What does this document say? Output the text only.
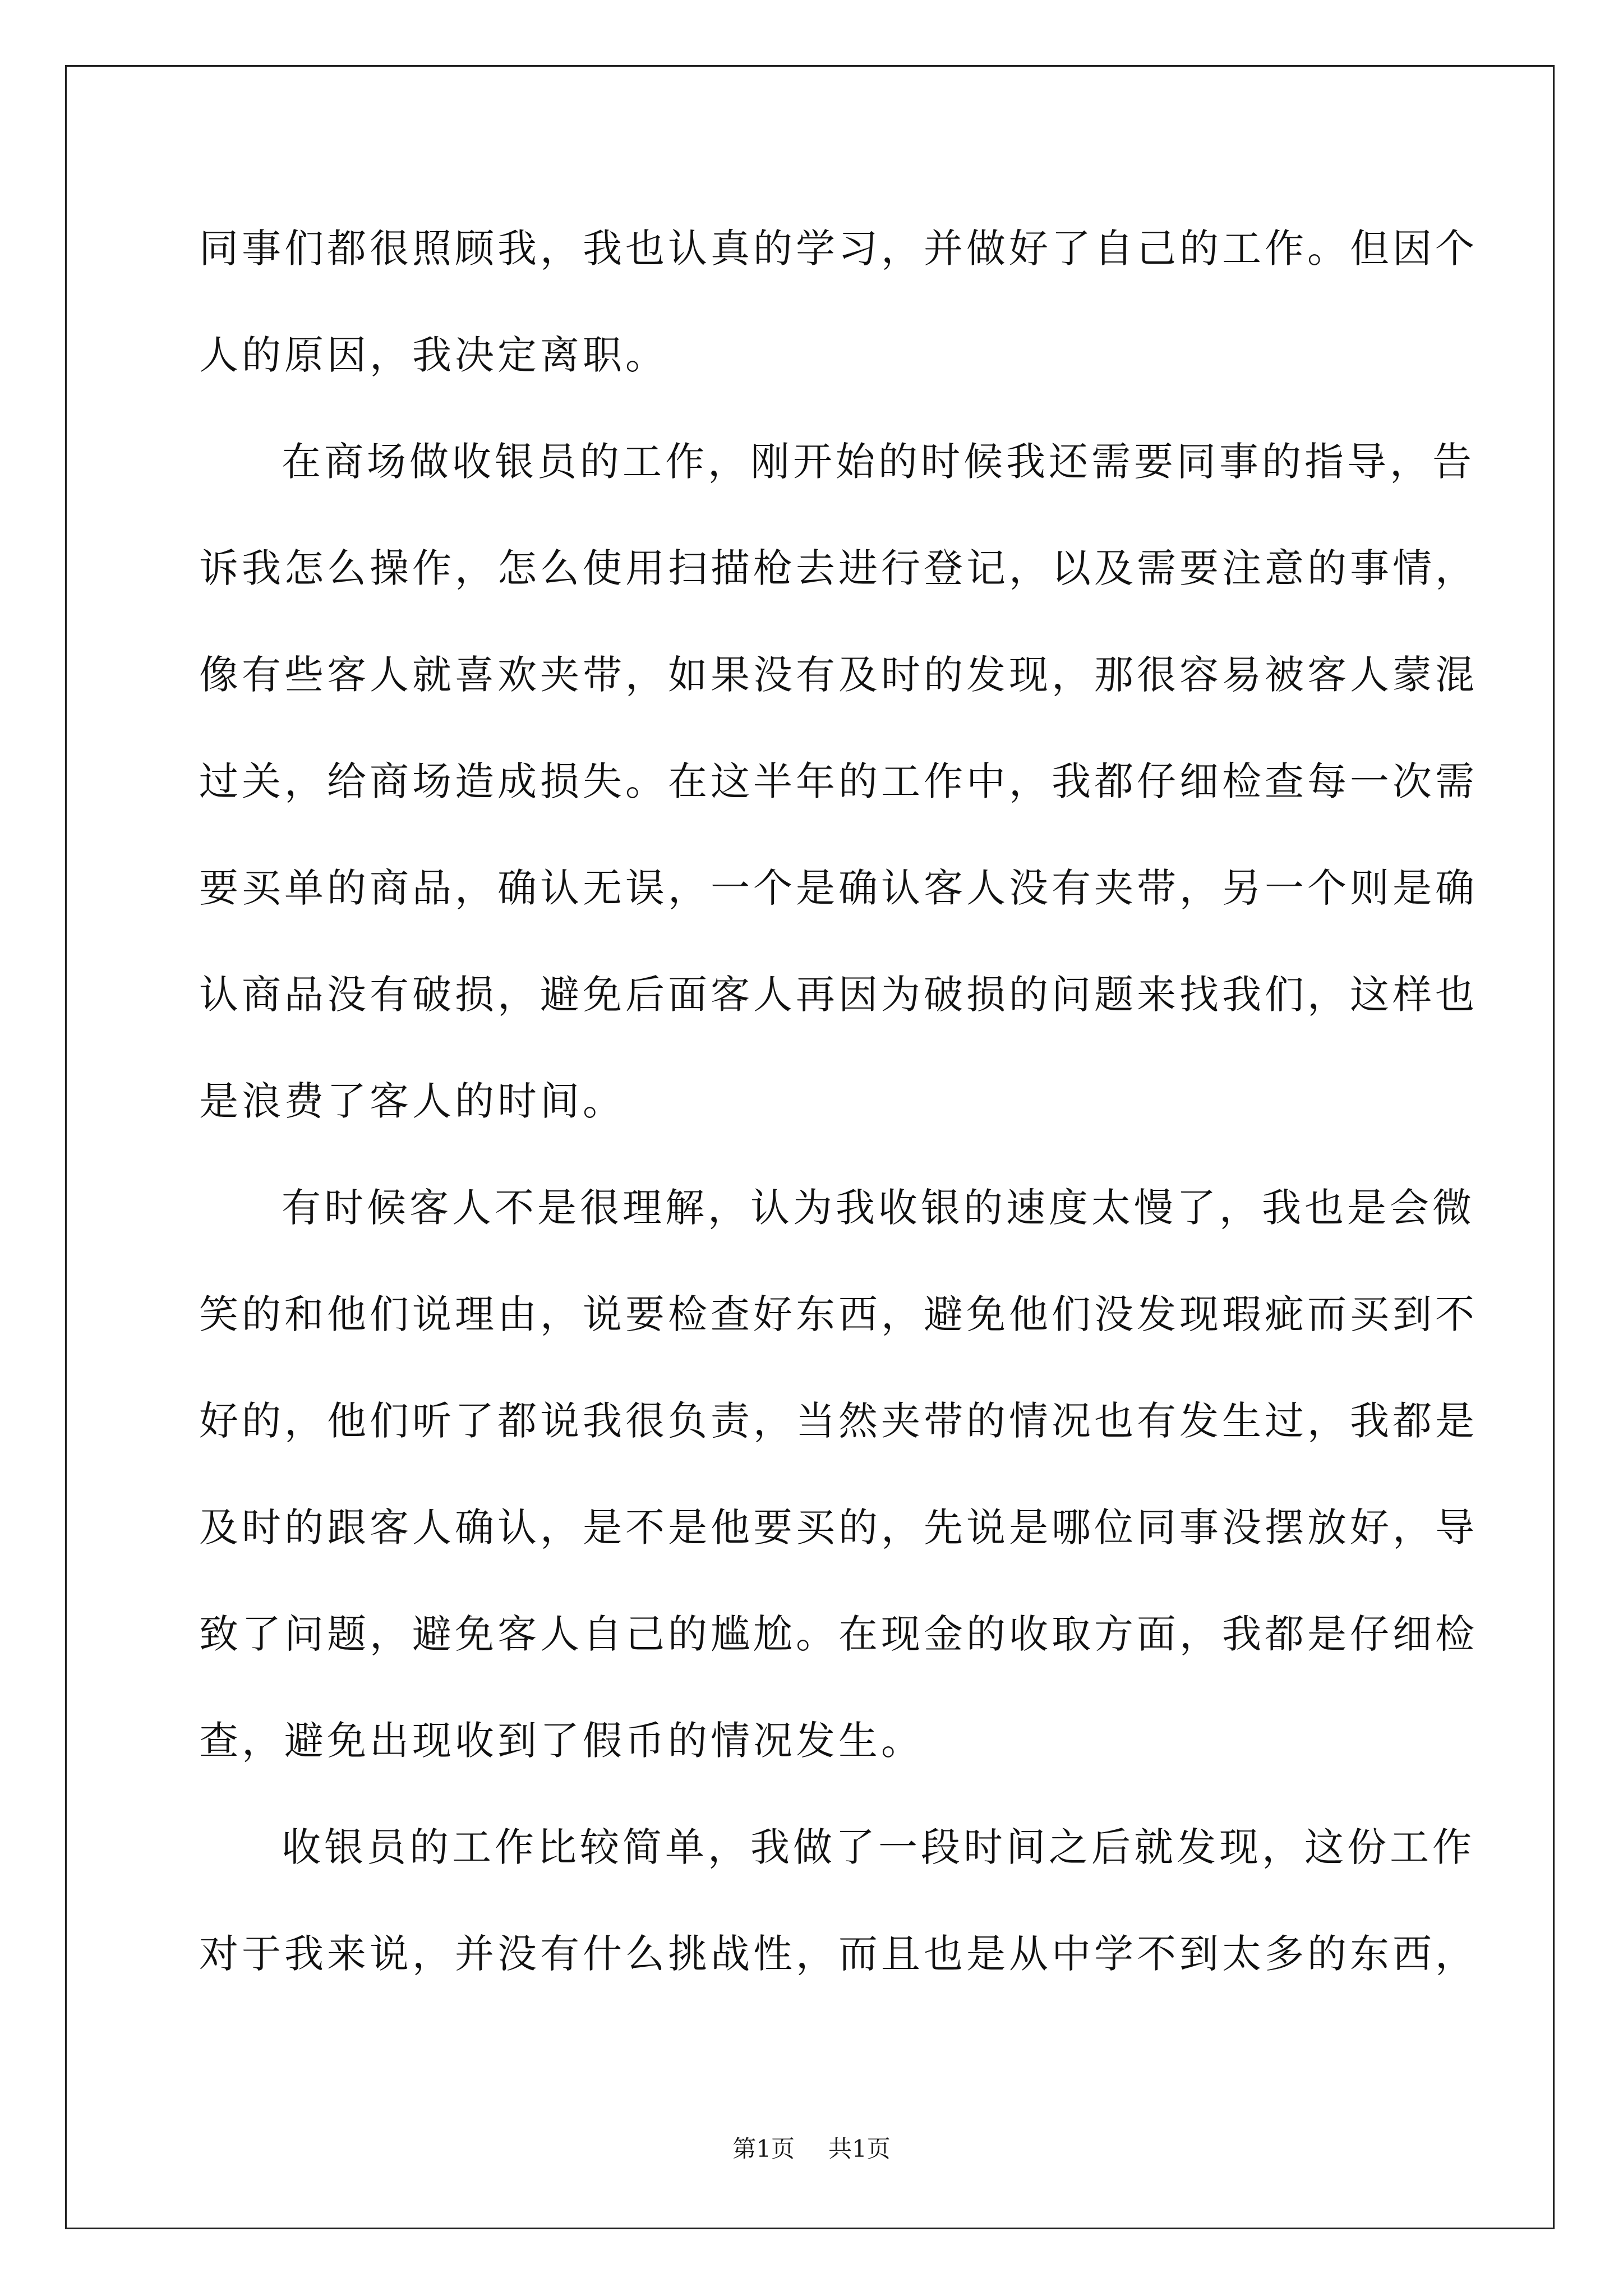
同事们都很照顾我，我也认真的学习，并做好了自己的工作。但因个
人的原因，我决定离职。
在商场做收银员的工作，刚开始的时候我还需要同事的指导，告
诉我怎么操作，怎么使用扫描枪去进行登记，以及需要注意的事情，
像有些客人就喜欢夹带，如果没有及时的发现，那很容易被客人蒙混
过关，给商场造成损失。在这半年的工作中，我都仔细检查每一次需
要买单的商品，确认无误，一个是确认客人没有夹带，另一个则是确
认商品没有破损，避免后面客人再因为破损的问题来找我们，这样也
是浪费了客人的时间。
有时候客人不是很理解，认为我收银的速度太慢了，我也是会微
笑的和他们说理由，说要检查好东西，避免他们没发现瑕疵而买到不
好的，他们听了都说我很负责，当然夹带的情况也有发生过，我都是
及时的跟客人确认，是不是他要买的，先说是哪位同事没摆放好，导
致了问题，避免客人自己的尴尬。在现金的收取方面，我都是仔细检
查，避免出现收到了假币的情况发生。
收银员的工作比较简单，我做了一段时间之后就发现，这份工作
对于我来说，并没有什么挑战性，而且也是从中学不到太多的东西，
第1页 共1页
